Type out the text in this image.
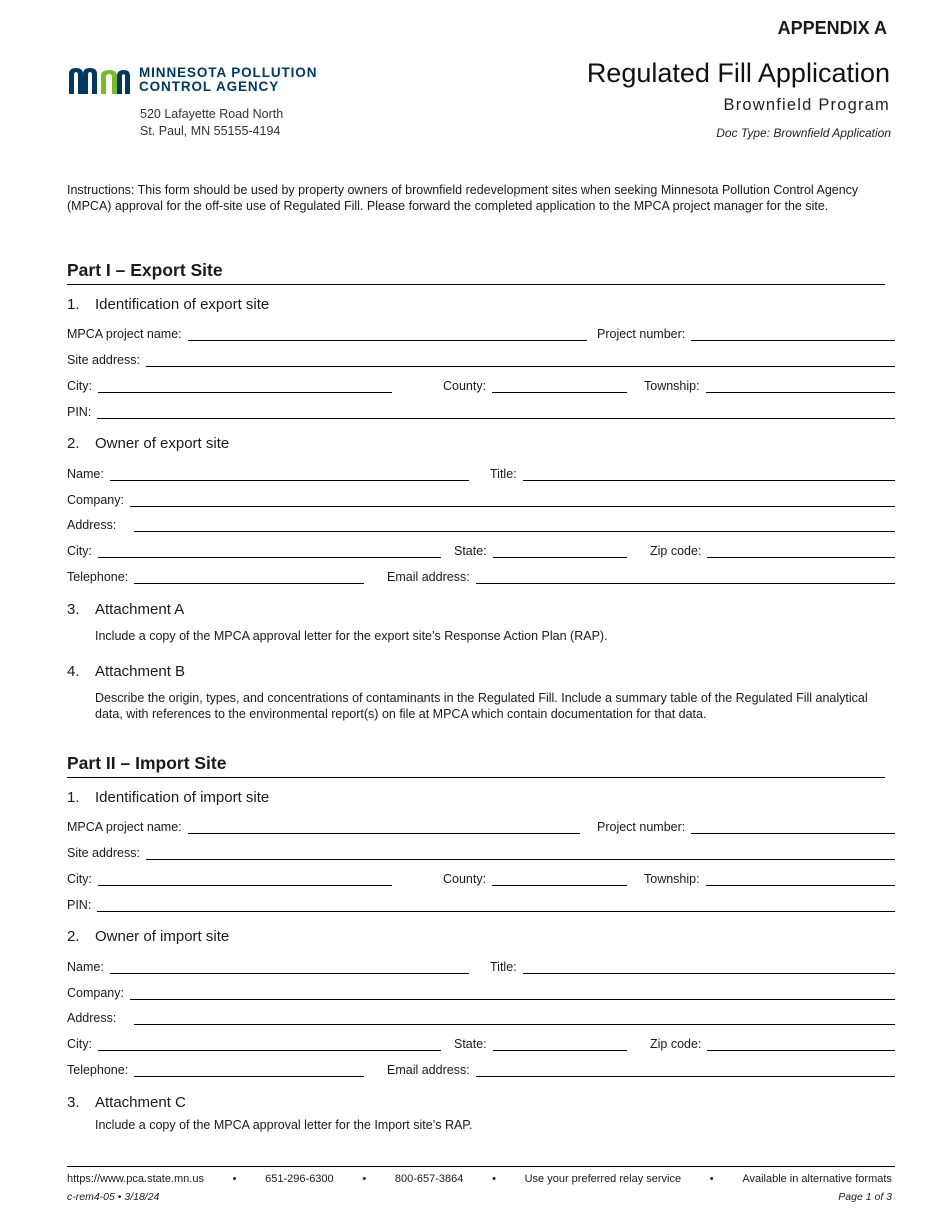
APPENDIX A
MINNESOTA POLLUTION
CONTROL AGENCY
520 Lafayette Road North
St. Paul, MN 55155-4194
Regulated Fill Application
Brownfield Program
Doc Type: Brownfield Application
Instructions: This form should be used by property owners of brownfield redevelopment sites when seeking Minnesota Pollution Control Agency (MPCA) approval for the off-site use of Regulated Fill. Please forward the completed application to the MPCA project manager for the site.
Part I – Export Site
1. Identification of export site
MPCA project name:	Project number:
Site address:
City:	County:	Township:
PIN:
2. Owner of export site
Name:	Title:
Company:
Address:
City:	State:	Zip code:
Telephone:	Email address:
3. Attachment A
Include a copy of the MPCA approval letter for the export site’s Response Action Plan (RAP).
4. Attachment B
Describe the origin, types, and concentrations of contaminants in the Regulated Fill. Include a summary table of the Regulated Fill analytical data, with references to the environmental report(s) on file at MPCA which contain documentation for that data.
Part II – Import Site
1. Identification of import site
MPCA project name:	Project number:
Site address:
City:	County:	Township:
PIN:
2. Owner of import site
Name:	Title:
Company:
Address:
City:	State:	Zip code:
Telephone:	Email address:
3. Attachment C
Include a copy of the MPCA approval letter for the Import site’s RAP.
https://www.pca.state.mn.us	•	651-296-6300	•	800-657-3864	•	Use your preferred relay service	•	Available in alternative formats
c-rem4-05 • 3/18/24	Page 1 of 3
